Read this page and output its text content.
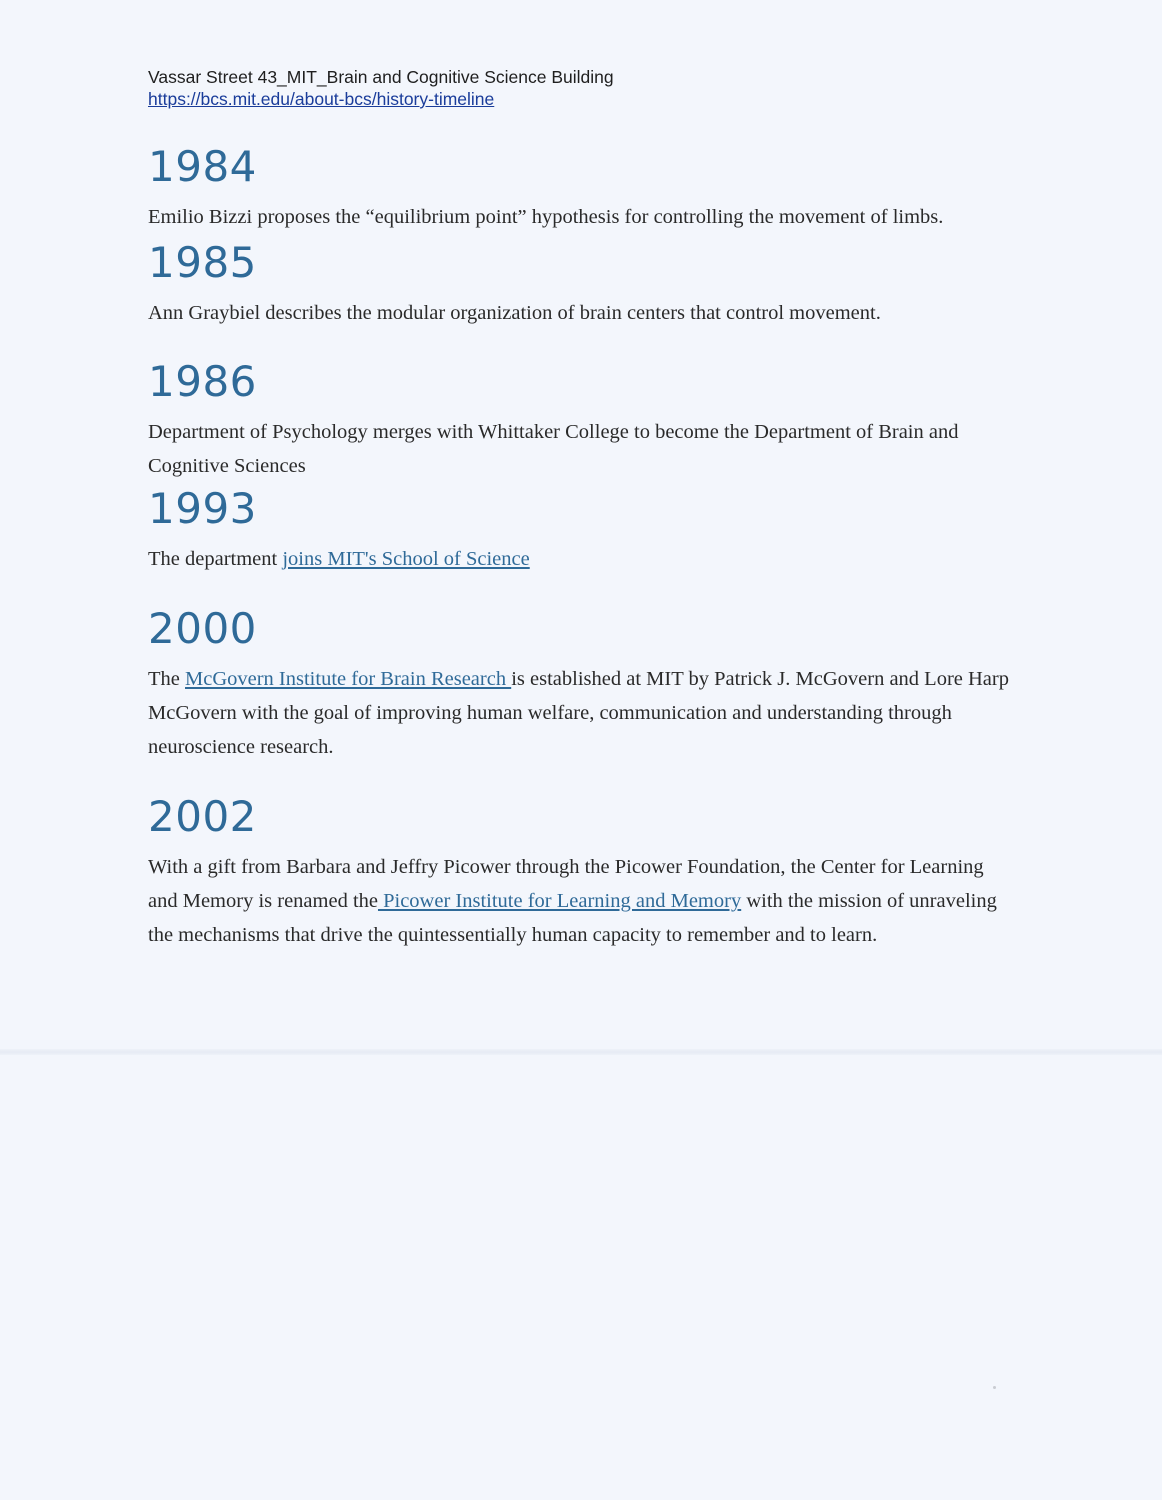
Vassar Street 43_MIT_Brain and Cognitive Science Building

https://bcs.mit.edu/about-bcs/history-timeline

1984

Emilio Bizzi proposes the “equilibrium point” hypothesis for controlling the movement of limbs.

1985

Ann Graybiel describes the modular organization of brain centers that control movement.

1986

Department of Psychology merges with Whittaker College to become the Department of Brain and Cognitive Sciences

1993

The department joins MIT's School of Science

2000

The McGovern Institute for Brain Research is established at MIT by Patrick J. McGovern and Lore Harp McGovern with the goal of improving human welfare, communication and understanding through neuroscience research.

2002

With a gift from Barbara and Jeffry Picower through the Picower Foundation, the Center for Learning and Memory is renamed the Picower Institute for Learning and Memory with the mission of unraveling the mechanisms that drive the quintessentially human capacity to remember and to learn.
